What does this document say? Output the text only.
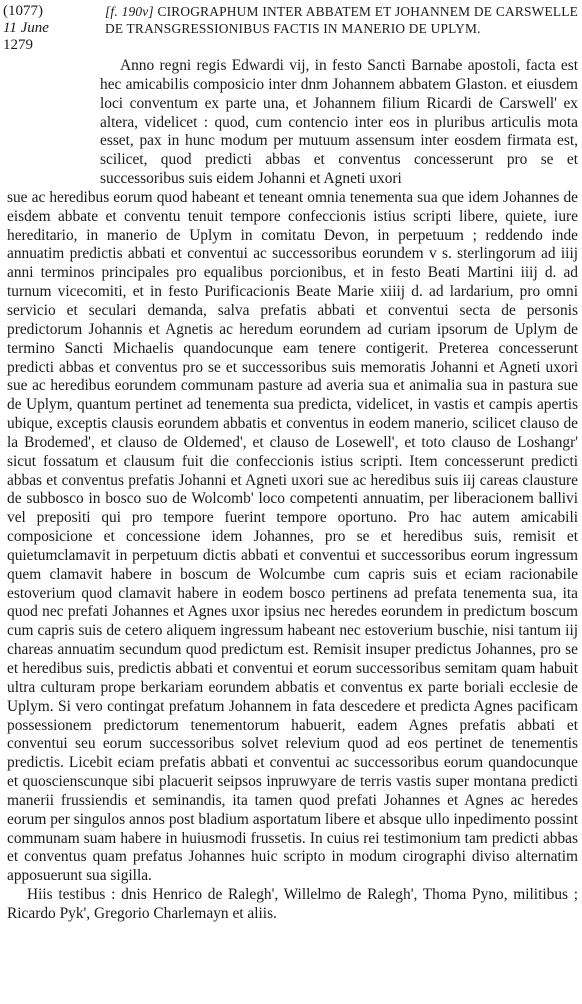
(1077)
11 June
1279
[f. 190v] CIROGRAPHUM INTER ABBATEM ET JOHANNEM DE CARSWELLE DE TRANSGRESSIONIBUS FACTIS IN MANERIO DE UPLYM.

Anno regni regis Edwardi vij, in festo Sancti Barnabe apostoli, facta est hec amicabilis composicio inter dnm Johannem abbatem Glaston. et eiusdem loci conventum ex parte una, et Johannem filium Ricardi de Carswell' ex altera, videlicet : quod, cum contencio inter eos in pluribus articulis mota esset, pax in hunc modum per mutuum assensum inter eosdem firmata est, scilicet, quod predicti abbas et conventus concesserunt pro se et successoribus suis eidem Johanni et Agneti uxori

sue ac heredibus eorum quod habeant et teneant omnia tenementa sua que idem Johannes de eisdem abbate et conventu tenuit tempore confeccionis istius scripti libere, quiete, iure hereditario, in manerio de Uplym in comitatu Devon, in perpetuum ; reddendo inde annuatim predictis abbati et conventui ac successoribus eorundem v s. sterlingorum ad iiij anni terminos principales pro equalibus porcionibus, et in festo Beati Martini iiij d. ad turnum vicecomiti, et in festo Purificacionis Beate Marie xiiij d. ad lardarium, pro omni servicio et seculari demanda, salva prefatis abbati et conventui secta de personis predictorum Johannis et Agnetis ac heredum eorundem ad curiam ipsorum de Uplym de termino Sancti Michaelis quandocunque eam tenere contigerit. Preterea concesserunt predicti abbas et conventus pro se et successoribus suis memoratis Johanni et Agneti uxori sue ac heredibus eorundem communam pasture ad averia sua et animalia sua in pastura sue de Uplym, quantum pertinet ad tenementa sua predicta, videlicet, in vastis et campis apertis ubique, exceptis clausis eorundem abbatis et conventus in eodem manerio, scilicet clauso de la Brodemed', et clauso de Oldemed', et clauso de Losewell', et toto clauso de Loshangr' sicut fossatum et clausum fuit die confeccionis istius scripti. Item concesserunt predicti abbas et conventus prefatis Johanni et Agneti uxori sue ac heredibus suis iij careas clausture de subbosco in bosco suo de Wolcomb' loco competenti annuatim, per liberacionem ballivi vel prepositi qui pro tempore fuerint tempore oportuno. Pro hac autem amicabili composicione et concessione idem Johannes, pro se et heredibus suis, remisit et quietumclamavit in perpetuum dictis abbati et conventui et successoribus eorum ingressum quem clamavit habere in boscum de Wolcumbe cum capris suis et eciam racionabile estoverium quod clamavit habere in eodem bosco pertinens ad prefata tenementa sua, ita quod nec prefati Johannes et Agnes uxor ipsius nec heredes eorundem in predictum boscum cum capris suis de cetero aliquem ingressum habeant nec estoverium buschie, nisi tantum iij chareas annuatim secundum quod predictum est. Remisit insuper predictus Johannes, pro se et heredibus suis, predictis abbati et conventui et eorum successoribus semitam quam habuit ultra culturam prope berkariam eorundem abbatis et conventus ex parte boriali ecclesie de Uplym. Si vero contingat prefatum Johannem in fata descedere et predicta Agnes pacificam possessionem predictorum tenementorum habuerit, eadem Agnes prefatis abbati et conventui seu eorum successoribus solvet relevium quod ad eos pertinet de tenementis predictis. Licebit eciam prefatis abbati et conventui ac successoribus eorum quandocunque et quoscienscunque sibi placuerit seipsos inpruwyare de terris vastis super montana predicti manerii frussiendis et seminandis, ita tamen quod prefati Johannes et Agnes ac heredes eorum per singulos annos post bladium asportatum libere et absque ullo inpedimento possint communam suam habere in huiusmodi frussetis. In cuius rei testimonium tam predicti abbas et conventus quam prefatus Johannes huic scripto in modum cirographi diviso alternatim apposuerunt sua sigilla.

Hiis testibus : dnis Henrico de Ralegh', Willelmo de Ralegh', Thoma Pyno, militibus ; Ricardo Pyk', Gregorio Charlemayn et aliis.
